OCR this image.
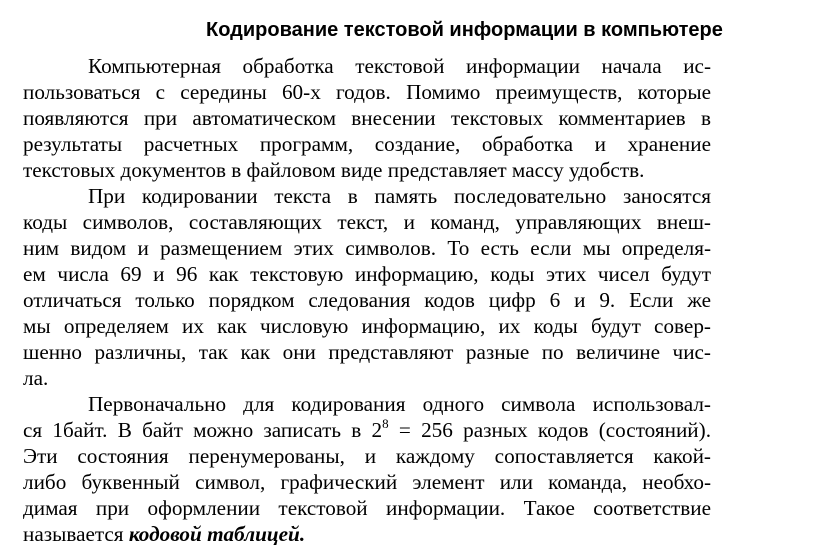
Кодирование текстовой информации в компьютере
Компьютерная обработка текстовой информации начала ис-
пользоваться с середины 60-х годов. Помимо преимуществ, которые
появляются при автоматическом внесении текстовых комментариев в
результаты расчетных программ, создание, обработка и хранение
текстовых документов в файловом виде представляет массу удобств.
При кодировании текста в память последовательно заносятся
коды символов, составляющих текст, и команд, управляющих внеш-
ним видом и размещением этих символов. То есть если мы определя-
ем числа 69 и 96 как текстовую информацию, коды этих чисел будут
отличаться только порядком следования кодов цифр 6 и 9. Если же
мы определяем их как числовую информацию, их коды будут совер-
шенно различны, так как они представляют разные по величине чис-
ла.
Первоначально для кодирования одного символа использовал-
ся 1байт. В байт можно записать в $2^8 = 256$ разных кодов (состояний).
Эти состояния перенумерованы, и каждому сопоставляется какой-
либо буквенный символ, графический элемент или команда, необхо-
димая при оформлении текстовой информации. Такое соответствие
называется кодовой таблицей.
